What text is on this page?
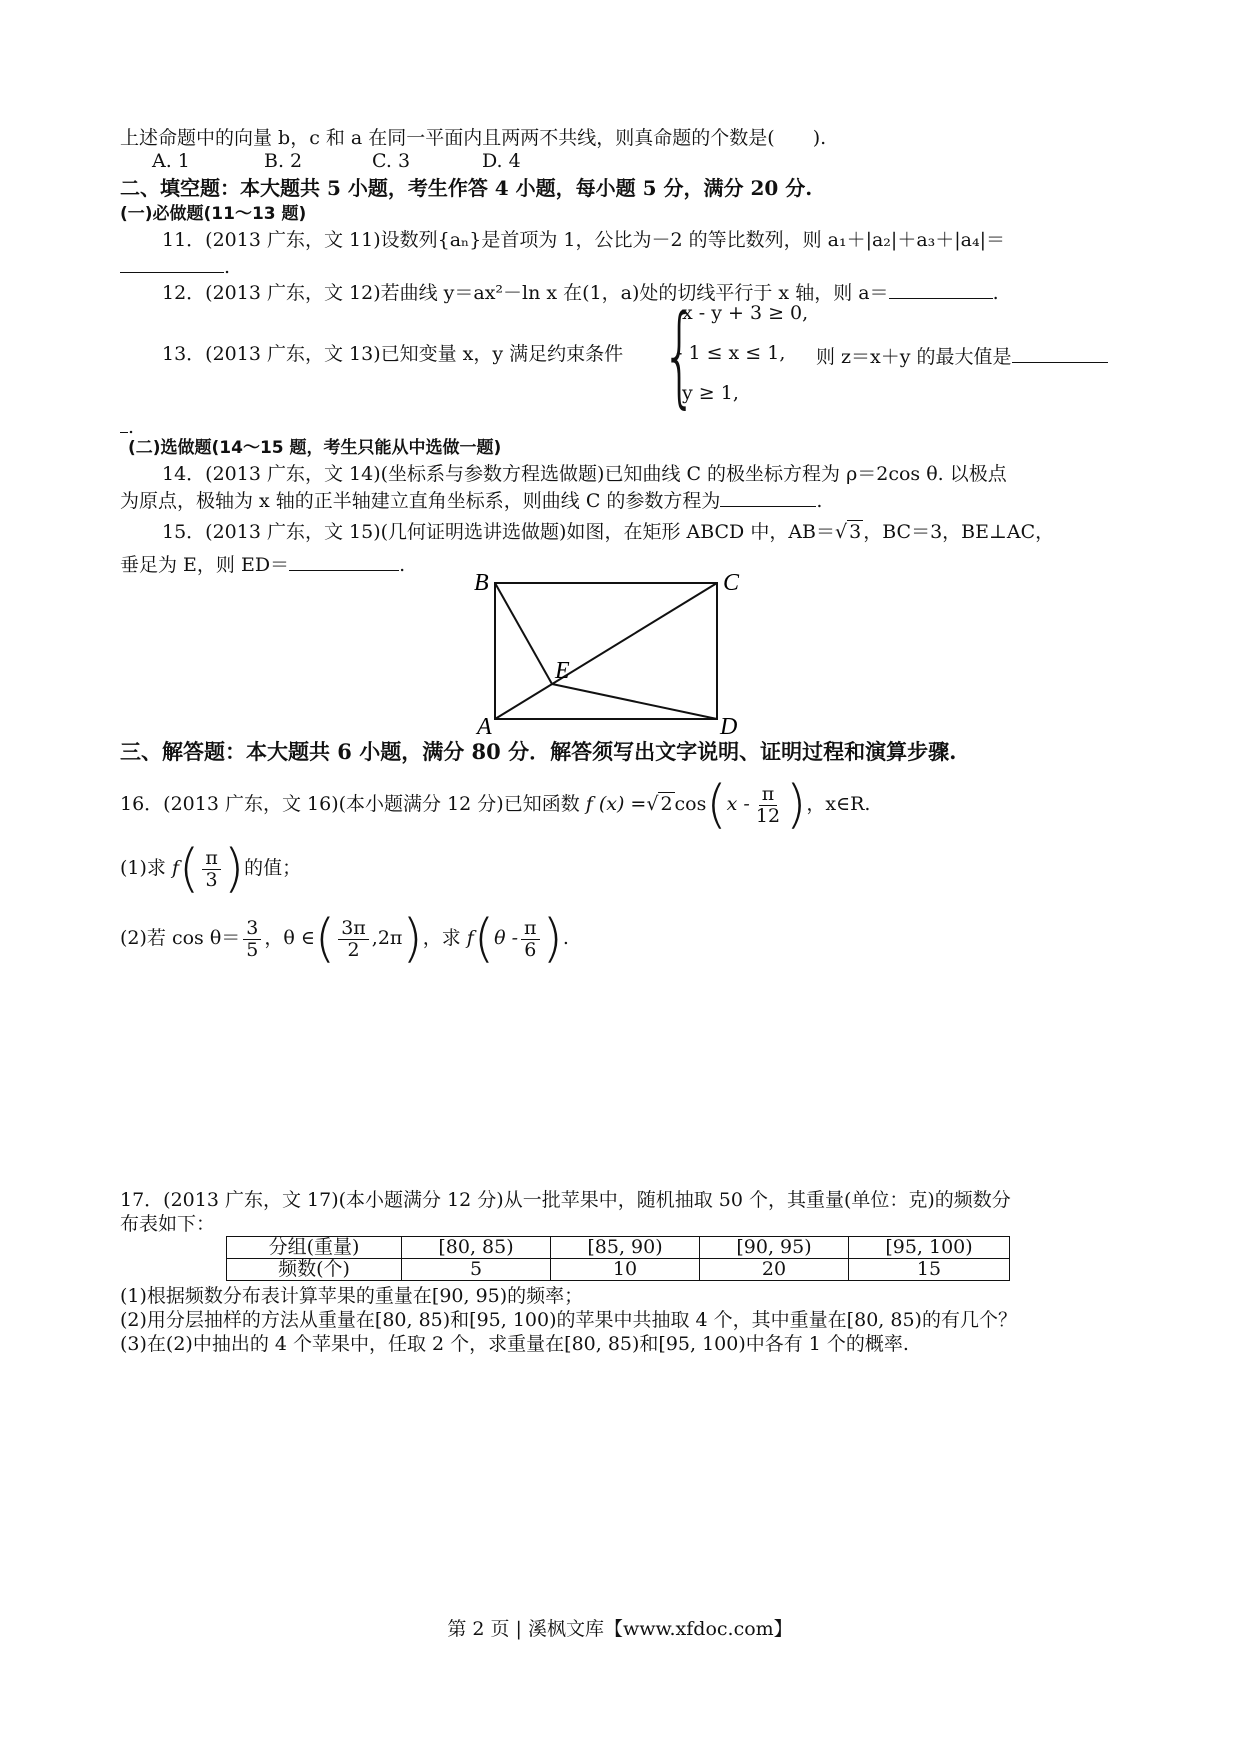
上述命题中的向量 b，c 和 a 在同一平面内且两两不共线，则真命题的个数是(　　).
A. 1	B. 2	C. 3	D. 4
二、填空题：本大题共 5 小题，考生作答 4 小题，每小题 5 分，满分 20 分.
(一)必做题(11～13 题)
11．(2013 广东，文 11)设数列{aₙ}是首项为 1，公比为－2 的等比数列，则 a₁＋|a₂|＋a₃＋|a₄|＝
.
12．(2013 广东，文 12)若曲线 y＝ax²－ln x 在(1，a)处的切线平行于 x 轴，则 a＝	.
13．(2013 广东，文 13)已知变量 x，y 满足约束条件 {
x - y + 3 ≥ 0,
- 1 ≤ x ≤ 1,
y ≥ 1,
则 z＝x＋y 的最大值是
.
(二)选做题(14～15 题，考生只能从中选做一题)
14．(2013 广东，文 14)(坐标系与参数方程选做题)已知曲线 C 的极坐标方程为 ρ＝2cos θ. 以极点
为原点，极轴为 x 轴的正半轴建立直角坐标系，则曲线 C 的参数方程为	.
15．(2013 广东，文 15)(几何证明选讲选做题)如图，在矩形 ABCD 中，AB＝√ 3 ，BC＝3，BE⊥AC，
垂足为 E，则 ED＝	.
B	C
E
A	D
三、解答题：本大题共 6 小题，满分 80 分．解答须写出文字说明、证明过程和演算步骤.
16．(2013 广东，文 16)(本小题满分 12 分)已知函数 f (x) =√ 2 $\cos(x - \frac{\pi}{12}$ )，x∈R.
(1)求 $f( \frac{\pi}{3}$ )的值；
(2)若 $\cos \theta= \frac{3}{5}$ ，θ ∈( $\frac{3\pi}{2} ,2\pi$)，求 $f(\theta - \frac{\pi}{6}$ ).
17．(2013 广东，文 17)(本小题满分 12 分)从一批苹果中，随机抽取 50 个，其重量(单位：克)的频数分
布表如下：
分组(重量)	[80, 85)	[85, 90)	[90, 95)	[95, 100)
频数(个)	5	10	20	15
(1)根据频数分布表计算苹果的重量在[90, 95)的频率；
(2)用分层抽样的方法从重量在[80, 85)和[95, 100)的苹果中共抽取 4 个，其中重量在[80, 85)的有几个？
(3)在(2)中抽出的 4 个苹果中，任取 2 个，求重量在[80, 85)和[95, 100)中各有 1 个的概率.
第 2 页 | 溪枫文库【www.xfdoc.com】
